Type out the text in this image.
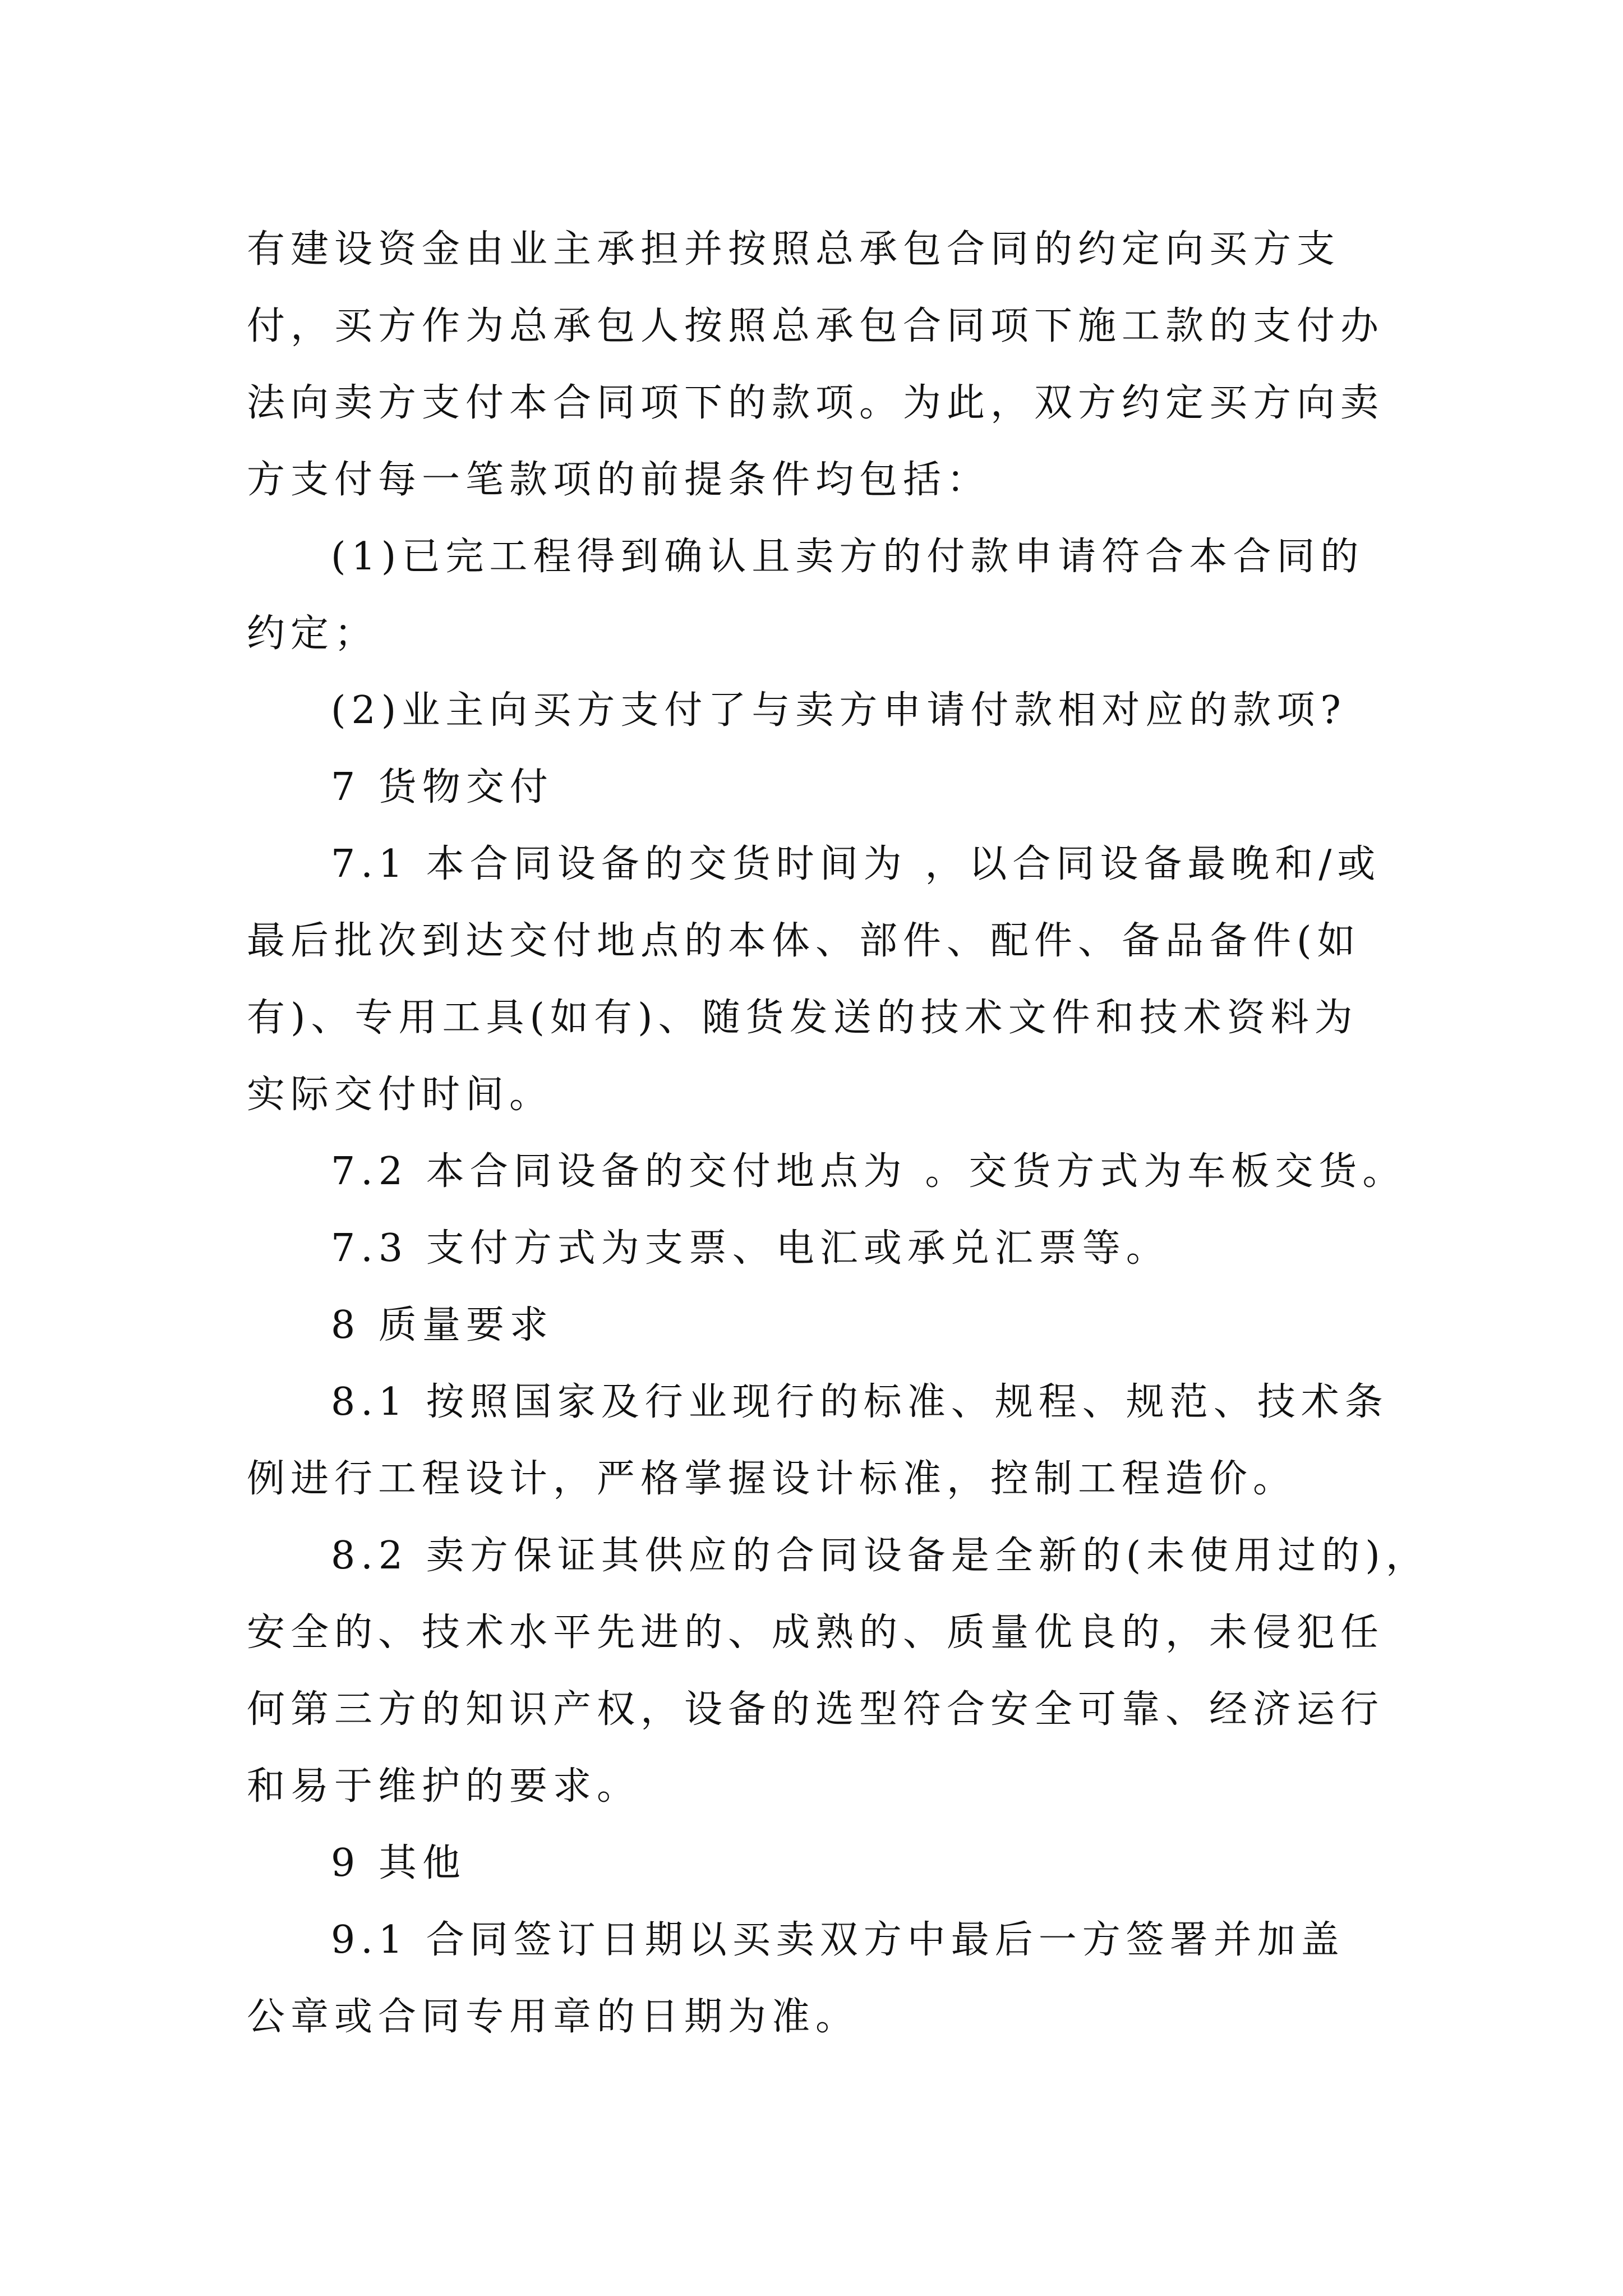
有建设资金由业主承担并按照总承包合同的约定向买方支
付，买方作为总承包人按照总承包合同项下施工款的支付办
法向卖方支付本合同项下的款项。为此，双方约定买方向卖
方支付每一笔款项的前提条件均包括：
(1)已完工程得到确认且卖方的付款申请符合本合同的
约定；
(2)业主向买方支付了与卖方申请付款相对应的款项?
7 货物交付
7.1 本合同设备的交货时间为 ，以合同设备最晚和/或
最后批次到达交付地点的本体、部件、配件、备品备件(如
有)、专用工具(如有)、随货发送的技术文件和技术资料为
实际交付时间。
7.2 本合同设备的交付地点为 。交货方式为车板交货。
7.3 支付方式为支票、电汇或承兑汇票等。
8 质量要求
8.1 按照国家及行业现行的标准、规程、规范、技术条
例进行工程设计，严格掌握设计标准，控制工程造价。
8.2 卖方保证其供应的合同设备是全新的(未使用过的)，
安全的、技术水平先进的、成熟的、质量优良的，未侵犯任
何第三方的知识产权，设备的选型符合安全可靠、经济运行
和易于维护的要求。
9 其他
9.1 合同签订日期以买卖双方中最后一方签署并加盖
公章或合同专用章的日期为准。
